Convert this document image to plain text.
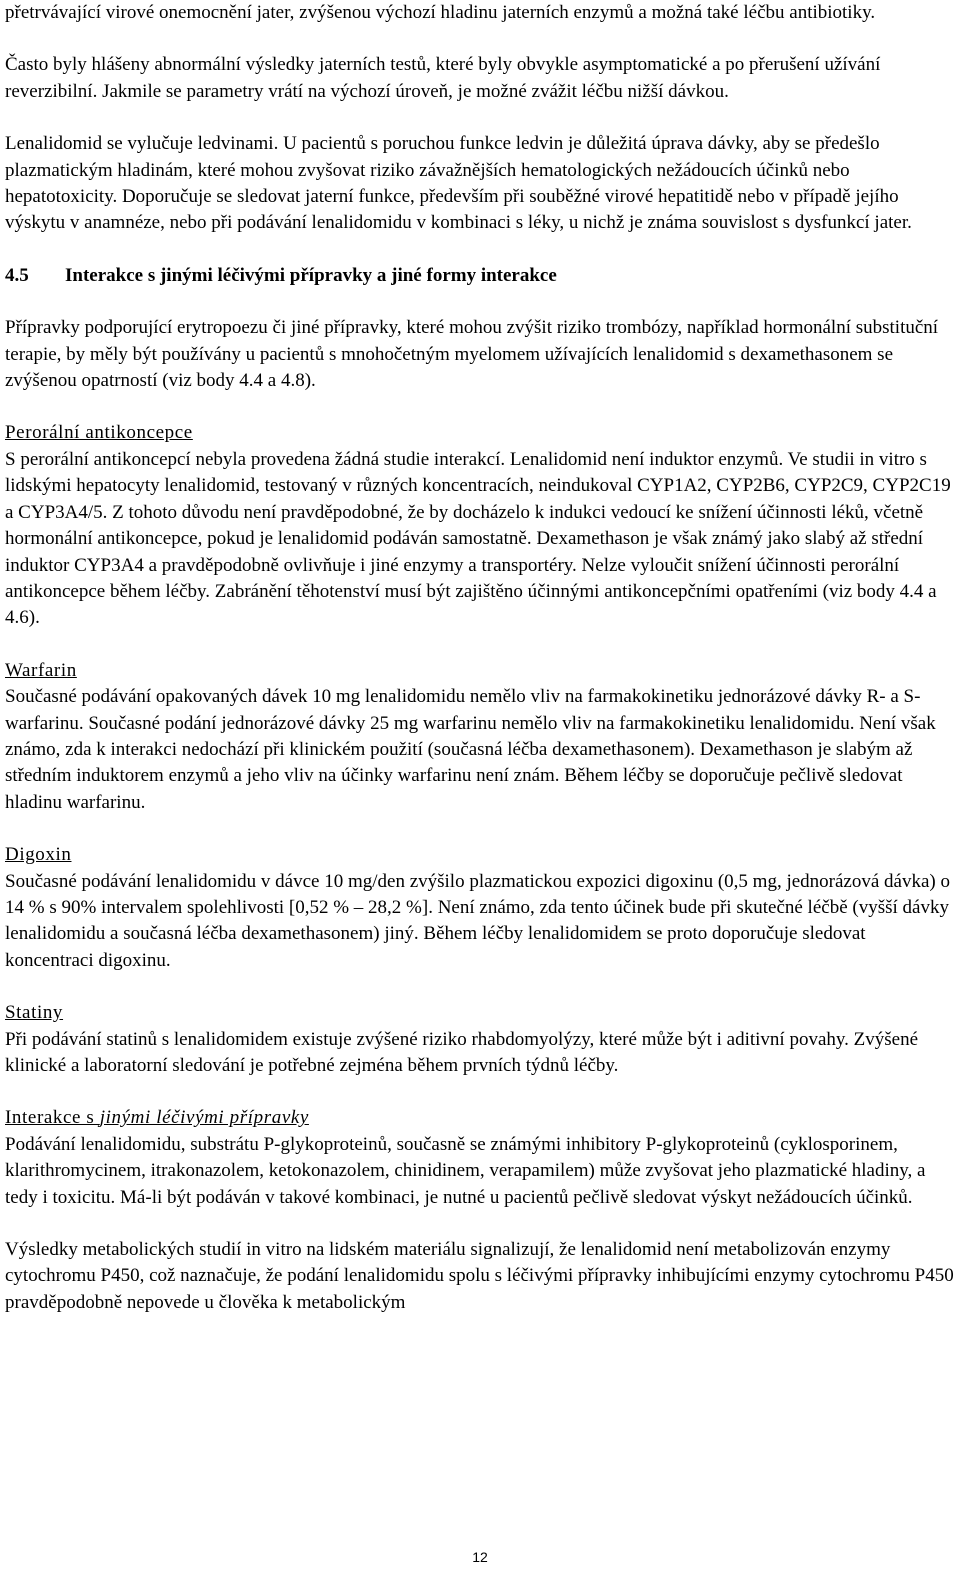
přetrvávající virové onemocnění jater, zvýšenou výchozí hladinu jaterních enzymů a možná také léčbu antibiotiky.

Často byly hlášeny abnormální výsledky jaterních testů, které byly obvykle asymptomatické a po přerušení užívání reverzibilní. Jakmile se parametry vrátí na výchozí úroveň, je možné zvážit léčbu nižší dávkou.

Lenalidomid se vylučuje ledvinami. U pacientů s poruchou funkce ledvin je důležitá úprava dávky, aby se předešlo plazmatickým hladinám, které mohou zvyšovat riziko závažnějších hematologických nežádoucích účinků nebo hepatotoxicity. Doporučuje se sledovat jaterní funkce, především při souběžné virové hepatitidě nebo v případě jejího výskytu v anamnéze, nebo při podávání lenalidomidu v kombinaci s léky, u nichž je známa souvislost s dysfunkcí jater.

4.5 Interakce s jinými léčivými přípravky a jiné formy interakce

Přípravky podporující erytropoezu či jiné přípravky, které mohou zvýšit riziko trombózy, například hormonální substituční terapie, by měly být používány u pacientů s mnohočetným myelomem užívajících lenalidomid s dexamethasonem se zvýšenou opatrností (viz body 4.4 a 4.8).

Perorální antikoncepce

S perorální antikoncepcí nebyla provedena žádná studie interakcí. Lenalidomid není induktor enzymů. Ve studii in vitro s lidskými hepatocyty lenalidomid, testovaný v různých koncentracích, neindukoval CYP1A2, CYP2B6, CYP2C9, CYP2C19 a CYP3A4/5. Z tohoto důvodu není pravděpodobné, že by docházelo k indukci vedoucí ke snížení účinnosti léků, včetně hormonální antikoncepce, pokud je lenalidomid podáván samostatně. Dexamethason je však známý jako slabý až střední induktor CYP3A4 a pravděpodobně ovlivňuje i jiné enzymy a transportéry. Nelze vyloučit snížení účinnosti perorální antikoncepce během léčby. Zabránění těhotenství musí být zajištěno účinnými antikoncepčními opatřeními (viz body 4.4 a 4.6).

Warfarin

Současné podávání opakovaných dávek 10 mg lenalidomidu nemělo vliv na farmakokinetiku jednorázové dávky R- a S- warfarinu. Současné podání jednorázové dávky 25 mg warfarinu nemělo vliv na farmakokinetiku lenalidomidu. Není však známo, zda k interakci nedochází při klinickém použití (současná léčba dexamethasonem). Dexamethason je slabým až středním induktorem enzymů a jeho vliv na účinky warfarinu není znám. Během léčby se doporučuje pečlivě sledovat hladinu warfarinu.

Digoxin

Současné podávání lenalidomidu v dávce 10 mg/den zvýšilo plazmatickou expozici digoxinu (0,5 mg, jednorázová dávka) o 14 % s 90% intervalem spolehlivosti [0,52 % – 28,2 %]. Není známo, zda tento účinek bude při skutečné léčbě (vyšší dávky lenalidomidu a současná léčba dexamethasonem) jiný. Během léčby lenalidomidem se proto doporučuje sledovat koncentraci digoxinu.

Statiny

Při podávání statinů s lenalidomidem existuje zvýšené riziko rhabdomyolýzy, které může být i aditivní povahy. Zvýšené klinické a laboratorní sledování je potřebné zejména během prvních týdnů léčby.

Interakce s jinými léčivými přípravky

Podávání lenalidomidu, substrátu P-glykoproteinů, současně se známými inhibitory P-glykoproteinů (cyklosporinem, klarithromycinem, itrakonazolem, ketokonazolem, chinidinem, verapamilem) může zvyšovat jeho plazmatické hladiny, a tedy i toxicitu. Má-li být podáván v takové kombinaci, je nutné u pacientů pečlivě sledovat výskyt nežádoucích účinků.

Výsledky metabolických studií in vitro na lidském materiálu signalizují, že lenalidomid není metabolizován enzymy cytochromu P450, což naznačuje, že podání lenalidomidu spolu s léčivými přípravky inhibujícími enzymy cytochromu P450 pravděpodobně nepovede u člověka k metabolickým

12
